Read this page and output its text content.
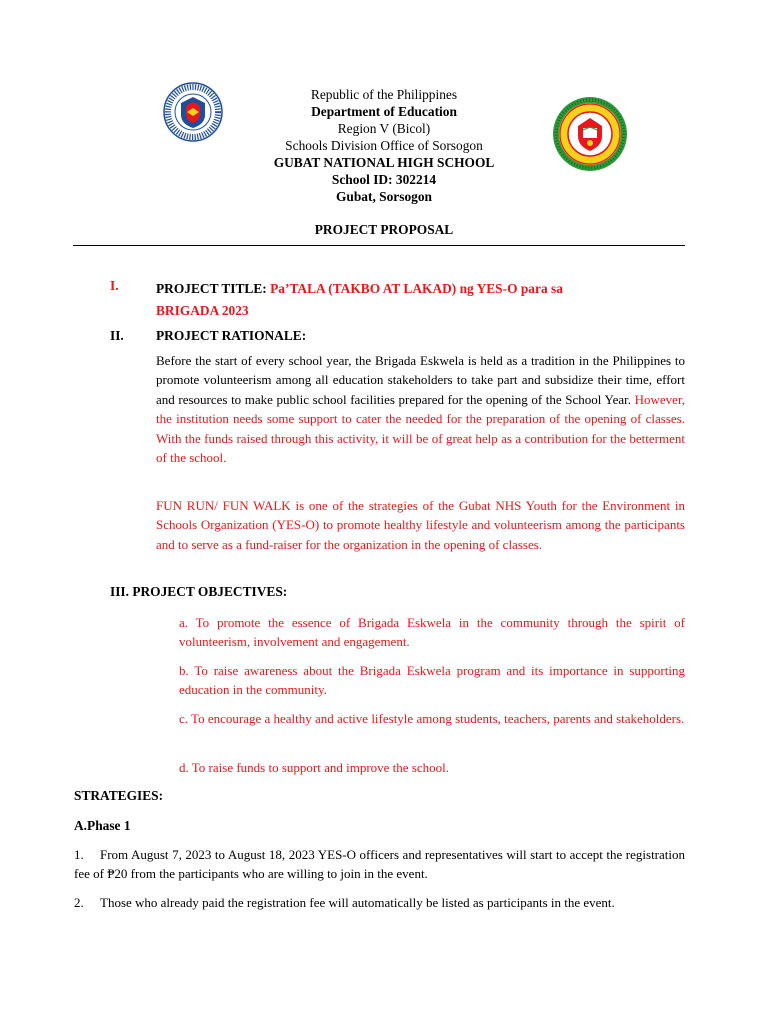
Republic of the Philippines
Department of Education
Region V (Bicol)
Schools Division Office of Sorsogon
GUBAT NATIONAL HIGH SCHOOL
School ID: 302214
Gubat, Sorsogon
PROJECT PROPOSAL
I.	PROJECT TITLE: Pa’TALA (TAKBO AT LAKAD) ng YES-O para sa
BRIGADA 2023
II. PROJECT RATIONALE:
Before the start of every school year, the Brigada Eskwela is held as a tradition in the Philippines to promote volunteerism among all education stakeholders to take part and subsidize their time, effort and resources to make public school facilities prepared for the opening of the School Year. However, the institution needs some support to cater the needed for the preparation of the opening of classes. With the funds raised through this activity, it will be of great help as a contribution for the betterment of the school.
FUN RUN/ FUN WALK is one of the strategies of the Gubat NHS Youth for the Environment in Schools Organization (YES-O) to promote healthy lifestyle and volunteerism among the participants and to serve as a fund-raiser for the organization in the opening of classes.
III. PROJECT OBJECTIVES:
a. To promote the essence of Brigada Eskwela in the community through the spirit of volunteerism, involvement and engagement.
b. To raise awareness about the Brigada Eskwela program and its importance in supporting education in the community.
c. To encourage a healthy and active lifestyle among students, teachers, parents and stakeholders.
d. To raise funds to support and improve the school.
STRATEGIES:
A.Phase 1
1. From August 7, 2023 to August 18, 2023 YES-O officers and representatives will start to accept the registration fee of ₱20 from the participants who are willing to join in the event.
2. Those who already paid the registration fee will automatically be listed as participants in the event.
